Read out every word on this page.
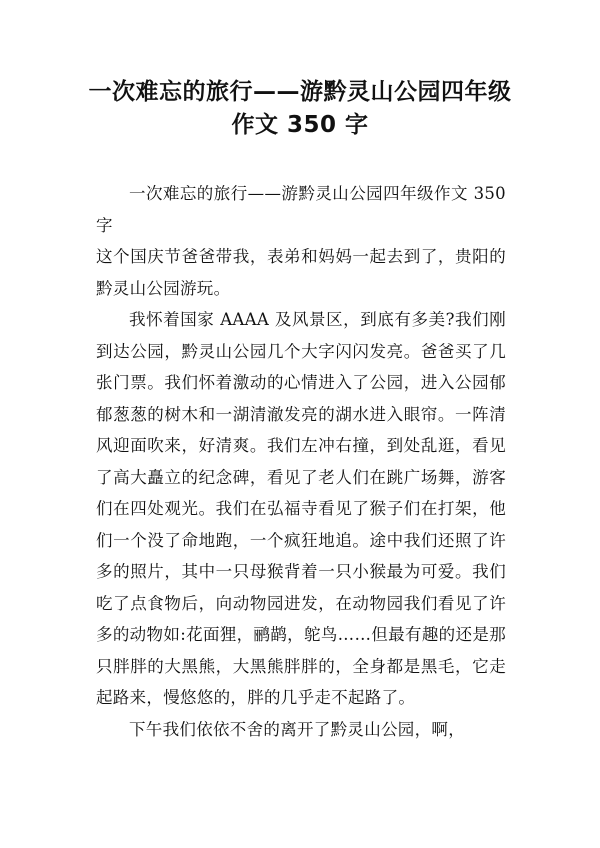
一次难忘的旅行——游黔灵山公园四年级作文 350 字

一次难忘的旅行——游黔灵山公园四年级作文 350 字

这个国庆节爸爸带我，表弟和妈妈一起去到了，贵阳的黔灵山公园游玩。

我怀着国家 AAAA 及风景区，到底有多美?我们刚到达公园，黔灵山公园几个大字闪闪发亮。爸爸买了几张门票。我们怀着激动的心情进入了公园，进入公园郁郁葱葱的树木和一湖清澈发亮的湖水进入眼帘。一阵清风迎面吹来，好清爽。我们左冲右撞，到处乱逛，看见了高大矗立的纪念碑，看见了老人们在跳广场舞，游客们在四处观光。我们在弘福寺看见了猴子们在打架，他们一个没了命地跑，一个疯狂地追。途中我们还照了许多的照片，其中一只母猴背着一只小猴最为可爱。我们吃了点食物后，向动物园进发，在动物园我们看见了许多的动物如:花面狸，鹂鹋，鸵鸟……但最有趣的还是那只胖胖的大黑熊，大黑熊胖胖的，全身都是黑毛，它走起路来，慢悠悠的，胖的几乎走不起路了。

下午我们依依不舍的离开了黔灵山公园，啊，
